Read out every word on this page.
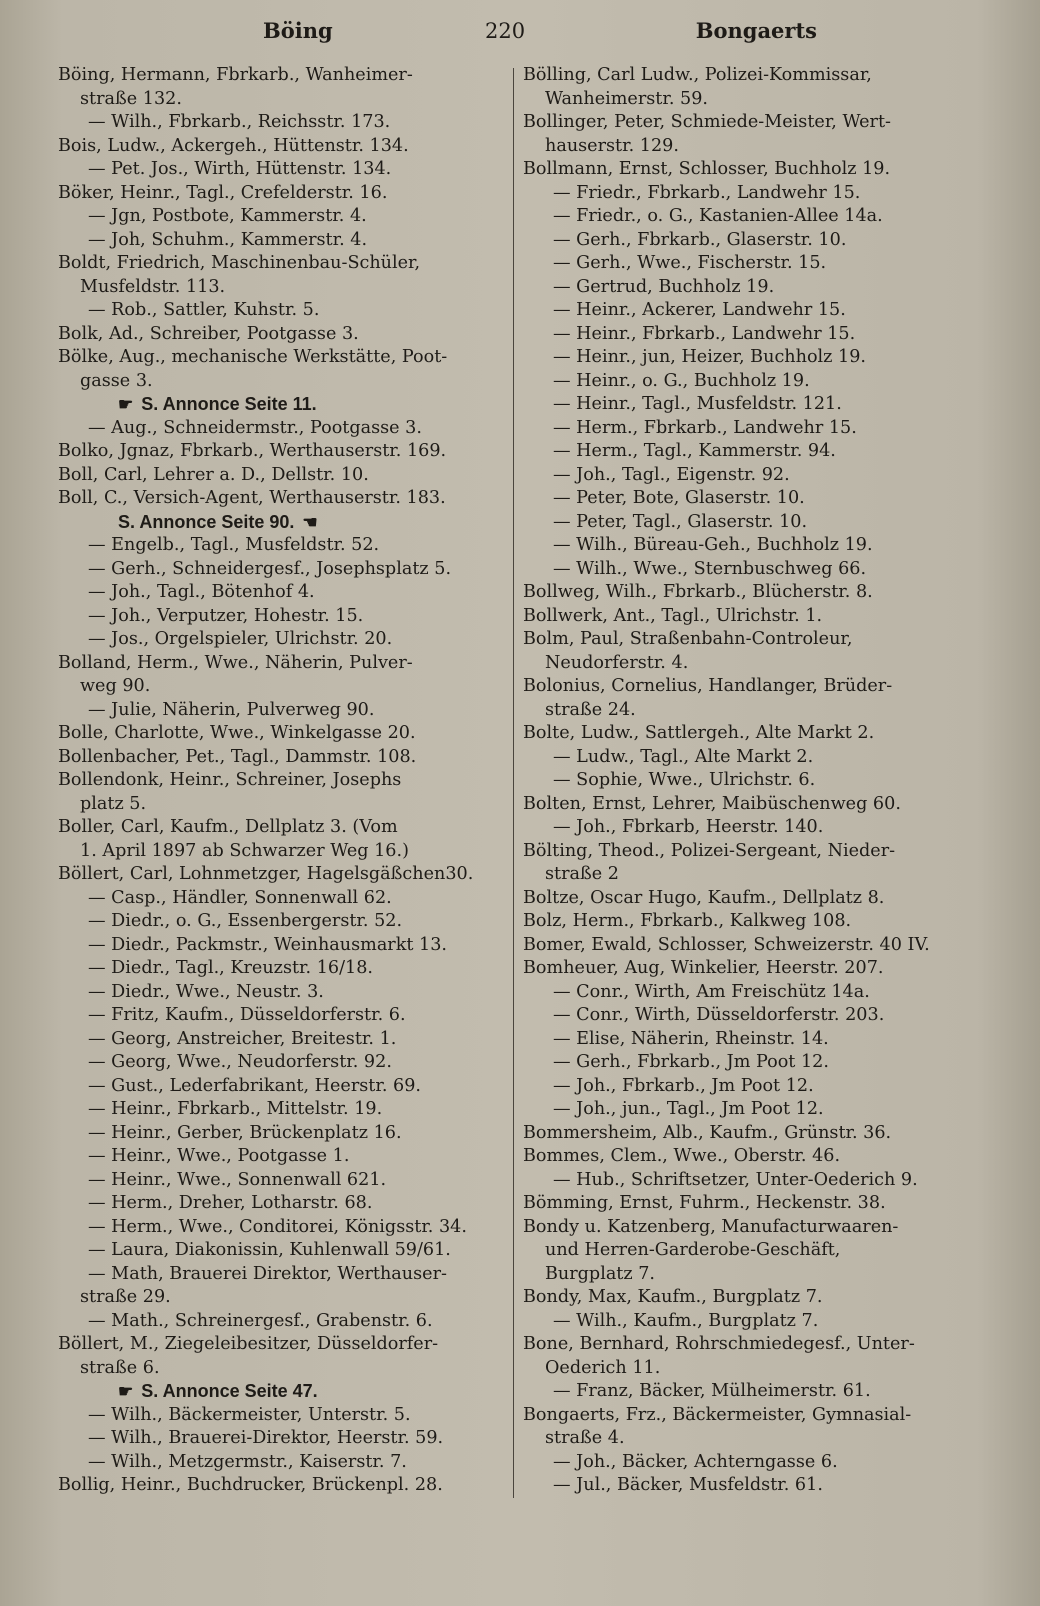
Böing	220	Bongaerts
Böing, Hermann, Fbrkarb., Wanheimer-
straße 132.
— Wilh., Fbrkarb., Reichsstr. 173.
Bois, Ludw., Ackergeh., Hüttenstr. 134.
— Pet. Jos., Wirth, Hüttenstr. 134.
Böker, Heinr., Tagl., Crefelderstr. 16.
— Jgn, Postbote, Kammerstr. 4.
— Joh, Schuhm., Kammerstr. 4.
Boldt, Friedrich, Maschinenbau-Schüler,
Musfeldstr. 113.
— Rob., Sattler, Kuhstr. 5.
Bolk, Ad., Schreiber, Pootgasse 3.
Bölke, Aug., mechanische Werkstätte, Poot-
gasse 3.
☛ S. Annonce Seite 11.
— Aug., Schneidermstr., Pootgasse 3.
Bolko, Jgnaz, Fbrkarb., Werthauserstr. 169.
Boll, Carl, Lehrer a. D., Dellstr. 10.
Boll, C., Versich-Agent, Werthauserstr. 183.
S. Annonce Seite 90. ☚
— Engelb., Tagl., Musfeldstr. 52.
— Gerh., Schneidergesf., Josephsplatz 5.
— Joh., Tagl., Bötenhof 4.
— Joh., Verputzer, Hohestr. 15.
— Jos., Orgelspieler, Ulrichstr. 20.
Bolland, Herm., Wwe., Näherin, Pulver-
weg 90.
— Julie, Näherin, Pulverweg 90.
Bolle, Charlotte, Wwe., Winkelgasse 20.
Bollenbacher, Pet., Tagl., Dammstr. 108.
Bollendonk, Heinr., Schreiner, Josephs
platz 5.
Boller, Carl, Kaufm., Dellplatz 3. (Vom
1. April 1897 ab Schwarzer Weg 16.)
Böllert, Carl, Lohnmetzger, Hagelsgäßchen30.
— Casp., Händler, Sonnenwall 62.
— Diedr., o. G., Essenbergerstr. 52.
— Diedr., Packmstr., Weinhausmarkt 13.
— Diedr., Tagl., Kreuzstr. 16/18.
— Diedr., Wwe., Neustr. 3.
— Fritz, Kaufm., Düsseldorferstr. 6.
— Georg, Anstreicher, Breitestr. 1.
— Georg, Wwe., Neudorferstr. 92.
— Gust., Lederfabrikant, Heerstr. 69.
— Heinr., Fbrkarb., Mittelstr. 19.
— Heinr., Gerber, Brückenplatz 16.
— Heinr., Wwe., Pootgasse 1.
— Heinr., Wwe., Sonnenwall 621.
— Herm., Dreher, Lotharstr. 68.
— Herm., Wwe., Conditorei, Königsstr. 34.
— Laura, Diakonissin, Kuhlenwall 59/61.
— Math, Brauerei Direktor, Werthauser-
straße 29.
— Math., Schreinergesf., Grabenstr. 6.
Böllert, M., Ziegeleibesitzer, Düsseldorfer-
straße 6.
☛ S. Annonce Seite 47.
— Wilh., Bäckermeister, Unterstr. 5.
— Wilh., Brauerei-Direktor, Heerstr. 59.
— Wilh., Metzgermstr., Kaiserstr. 7.
Bollig, Heinr., Buchdrucker, Brückenpl. 28.
Bölling, Carl Ludw., Polizei-Kommissar,
Wanheimerstr. 59.
Bollinger, Peter, Schmiede-Meister, Wert-
hauserstr. 129.
Bollmann, Ernst, Schlosser, Buchholz 19.
— Friedr., Fbrkarb., Landwehr 15.
— Friedr., o. G., Kastanien-Allee 14a.
— Gerh., Fbrkarb., Glaserstr. 10.
— Gerh., Wwe., Fischerstr. 15.
— Gertrud, Buchholz 19.
— Heinr., Ackerer, Landwehr 15.
— Heinr., Fbrkarb., Landwehr 15.
— Heinr., jun, Heizer, Buchholz 19.
— Heinr., o. G., Buchholz 19.
— Heinr., Tagl., Musfeldstr. 121.
— Herm., Fbrkarb., Landwehr 15.
— Herm., Tagl., Kammerstr. 94.
— Joh., Tagl., Eigenstr. 92.
— Peter, Bote, Glaserstr. 10.
— Peter, Tagl., Glaserstr. 10.
— Wilh., Büreau-Geh., Buchholz 19.
— Wilh., Wwe., Sternbuschweg 66.
Bollweg, Wilh., Fbrkarb., Blücherstr. 8.
Bollwerk, Ant., Tagl., Ulrichstr. 1.
Bolm, Paul, Straßenbahn-Controleur,
Neudorferstr. 4.
Bolonius, Cornelius, Handlanger, Brüder-
straße 24.
Bolte, Ludw., Sattlergeh., Alte Markt 2.
— Ludw., Tagl., Alte Markt 2.
— Sophie, Wwe., Ulrichstr. 6.
Bolten, Ernst, Lehrer, Maibüschenweg 60.
— Joh., Fbrkarb, Heerstr. 140.
Bölting, Theod., Polizei-Sergeant, Nieder-
straße 2
Boltze, Oscar Hugo, Kaufm., Dellplatz 8.
Bolz, Herm., Fbrkarb., Kalkweg 108.
Bomer, Ewald, Schlosser, Schweizerstr. 40 IV.
Bomheuer, Aug, Winkelier, Heerstr. 207.
— Conr., Wirth, Am Freischütz 14a.
— Conr., Wirth, Düsseldorferstr. 203.
— Elise, Näherin, Rheinstr. 14.
— Gerh., Fbrkarb., Jm Poot 12.
— Joh., Fbrkarb., Jm Poot 12.
— Joh., jun., Tagl., Jm Poot 12.
Bommersheim, Alb., Kaufm., Grünstr. 36.
Bommes, Clem., Wwe., Oberstr. 46.
— Hub., Schriftsetzer, Unter-Oederich 9.
Bömming, Ernst, Fuhrm., Heckenstr. 38.
Bondy u. Katzenberg, Manufacturwaaren-
und Herren-Garderobe-Geschäft,
Burgplatz 7.
Bondy, Max, Kaufm., Burgplatz 7.
— Wilh., Kaufm., Burgplatz 7.
Bone, Bernhard, Rohrschmiedegesf., Unter-
Oederich 11.
— Franz, Bäcker, Mülheimerstr. 61.
Bongaerts, Frz., Bäckermeister, Gymnasial-
straße 4.
— Joh., Bäcker, Achterngasse 6.
— Jul., Bäcker, Musfeldstr. 61.
